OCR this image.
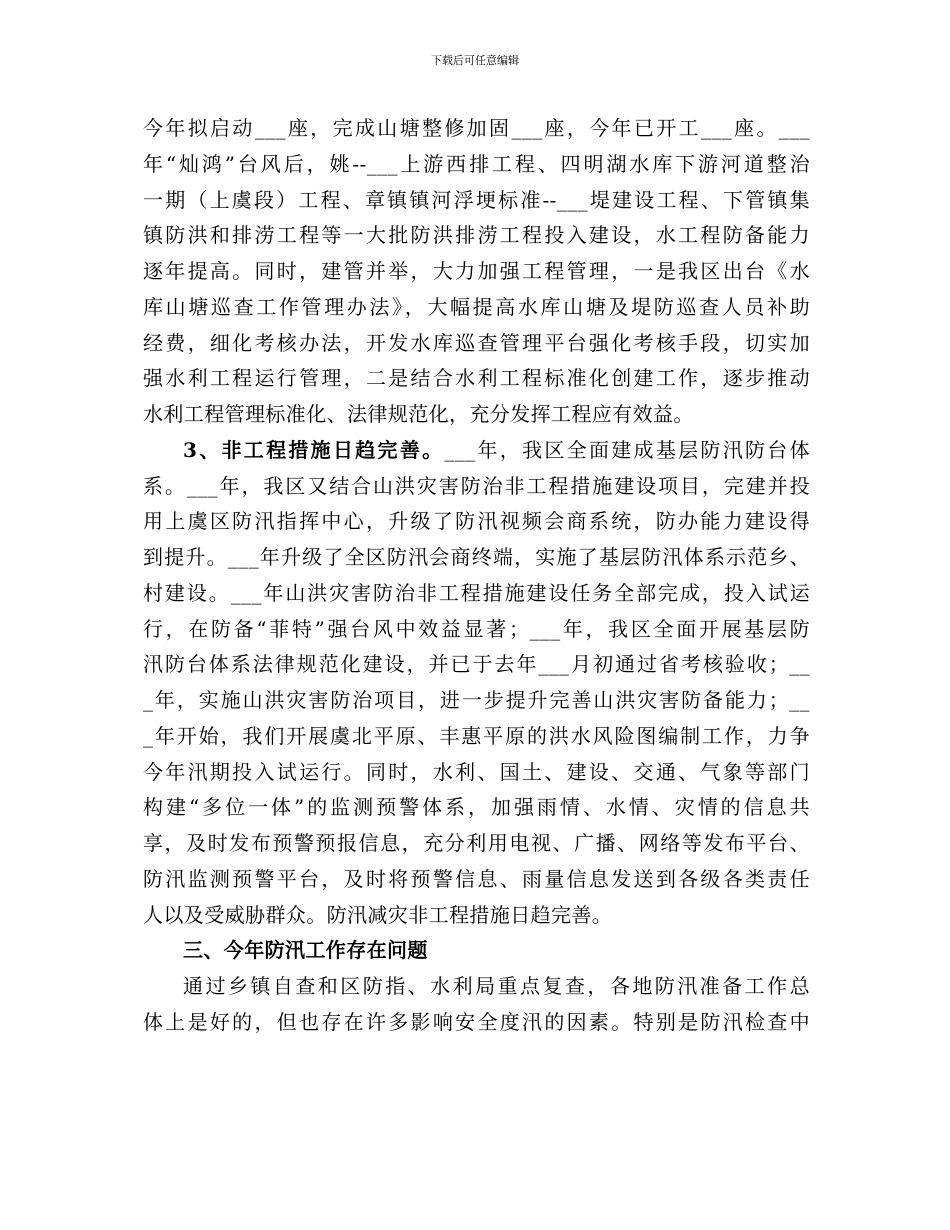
下载后可任意编辑
今年拟启动___座，完成山塘整修加固___座，今年已开工___座。___
年“灿鸿”台风后，姚--___上游西排工程、四明湖水库下游河道整治
一期（上虞段）工程、章镇镇河浮埂标准--___堤建设工程、下管镇集
镇防洪和排涝工程等一大批防洪排涝工程投入建设，水工程防备能力
逐年提高。同时，建管并举，大力加强工程管理，一是我区出台《水
库山塘巡查工作管理办法》，大幅提高水库山塘及堤防巡查人员补助
经费，细化考核办法，开发水库巡查管理平台强化考核手段，切实加
强水利工程运行管理，二是结合水利工程标准化创建工作，逐步推动
水利工程管理标准化、法律规范化，充分发挥工程应有效益。
3、非工程措施日趋完善。___年，我区全面建成基层防汛防台体
系。___年，我区又结合山洪灾害防治非工程措施建设项目，完建并投
用上虞区防汛指挥中心，升级了防汛视频会商系统，防办能力建设得
到提升。___年升级了全区防汛会商终端，实施了基层防汛体系示范乡、
村建设。___年山洪灾害防治非工程措施建设任务全部完成，投入试运
行，在防备“菲特”强台风中效益显著；___年，我区全面开展基层防
汛防台体系法律规范化建设，并已于去年___月初通过省考核验收；__
_年，实施山洪灾害防治项目，进一步提升完善山洪灾害防备能力；__
_年开始，我们开展虞北平原、丰惠平原的洪水风险图编制工作，力争
今年汛期投入试运行。同时，水利、国土、建设、交通、气象等部门
构建“多位一体”的监测预警体系，加强雨情、水情、灾情的信息共
享，及时发布预警预报信息，充分利用电视、广播、网络等发布平台、
防汛监测预警平台，及时将预警信息、雨量信息发送到各级各类责任
人以及受威胁群众。防汛减灾非工程措施日趋完善。
三、今年防汛工作存在问题
通过乡镇自查和区防指、水利局重点复查，各地防汛准备工作总
体上是好的，但也存在许多影响安全度汛的因素。特别是防汛检查中
